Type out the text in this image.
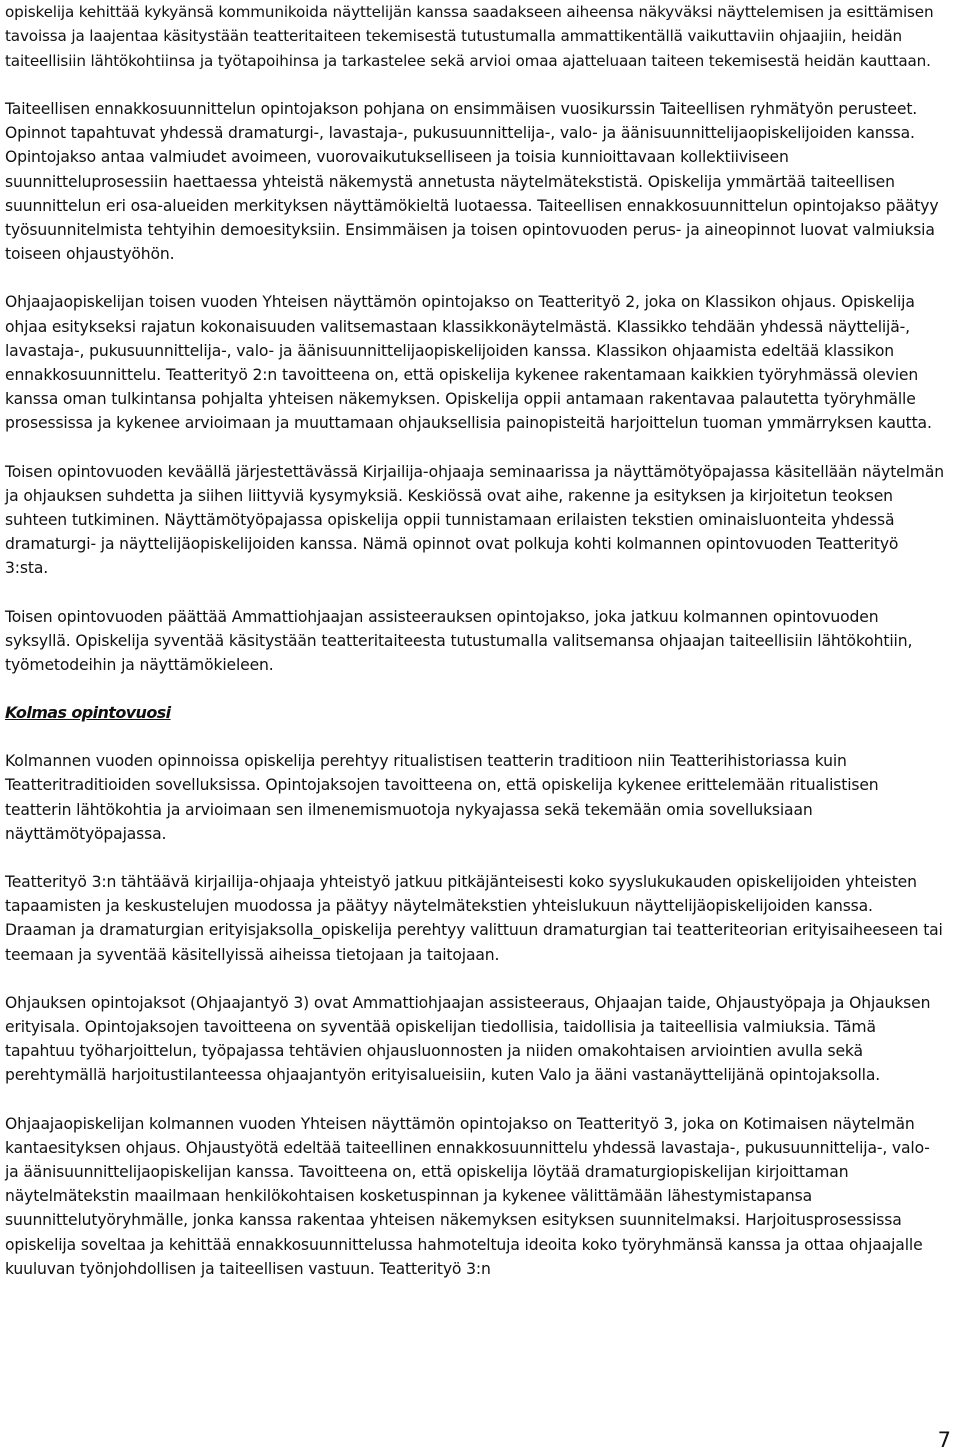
opiskelija kehittää kykyänsä kommunikoida näyttelijän kanssa saadakseen aiheensa näkyväksi näyttelemisen ja esittämisen tavoissa ja laajentaa käsitystään teatteritaiteen tekemisestä tutustumalla ammattikentällä vaikuttaviin ohjaajiin, heidän taiteellisiin lähtökohtiinsa ja työtapoihinsa ja tarkastelee sekä arvioi omaa ajatteluaan taiteen tekemisestä heidän kauttaan.

Taiteellisen ennakkosuunnittelun opintojakson pohjana on ensimmäisen vuosikurssin Taiteellisen ryhmätyön perusteet. Opinnot tapahtuvat yhdessä dramaturgi-, lavastaja-, pukusuunnittelija-, valo- ja äänisuunnittelijaopiskelijoiden kanssa. Opintojakso antaa valmiudet avoimeen, vuorovaikutukselliseen ja toisia kunnioittavaan kollektiiviseen suunnitteluprosessiin haettaessa yhteistä näkemystä annetusta näytelmätekstistä. Opiskelija ymmärtää taiteellisen suunnittelun eri osa-alueiden merkityksen näyttämökieltä luotaessa. Taiteellisen ennakkosuunnittelun opintojakso päätyy työsuunnitelmista tehtyihin demoesityksiin. Ensimmäisen ja toisen opintovuoden perus- ja aineopinnot luovat valmiuksia toiseen ohjaustyöhön.

Ohjaajaopiskelijan toisen vuoden Yhteisen näyttämön opintojakso on Teatterityö 2, joka on Klassikon ohjaus. Opiskelija ohjaa esitykseksi rajatun kokonaisuuden valitsemastaan klassikkonäytelmästä. Klassikko tehdään yhdessä näyttelijä-, lavastaja-, pukusuunnittelija-, valo- ja äänisuunnittelijaopiskelijoiden kanssa. Klassikon ohjaamista edeltää klassikon ennakkosuunnittelu. Teatterityö 2:n tavoitteena on, että opiskelija kykenee rakentamaan kaikkien työryhmässä olevien kanssa oman tulkintansa pohjalta yhteisen näkemyksen. Opiskelija oppii antamaan rakentavaa palautetta työryhmälle prosessissa ja kykenee arvioimaan ja muuttamaan ohjauksellisia painopisteitä harjoittelun tuoman ymmärryksen kautta.

Toisen opintovuoden keväällä järjestettävässä Kirjailija-ohjaaja seminaarissa ja näyttämötyöpajassa käsitellään näytelmän ja ohjauksen suhdetta ja siihen liittyviä kysymyksiä. Keskiössä ovat aihe, rakenne ja esityksen ja kirjoitetun teoksen suhteen tutkiminen. Näyttämötyöpajassa opiskelija oppii tunnistamaan erilaisten tekstien ominaisluonteita yhdessä dramaturgi- ja näyttelijäopiskelijoiden kanssa. Nämä opinnot ovat polkuja kohti kolmannen opintovuoden Teatterityö 3:sta.

Toisen opintovuoden päättää Ammattiohjaajan assisteerauksen opintojakso, joka jatkuu kolmannen opintovuoden syksyllä. Opiskelija syventää käsitystään teatteritaiteesta tutustumalla valitsemansa ohjaajan taiteellisiin lähtökohtiin, työmetodeihin ja näyttämökieleen.

Kolmas opintovuosi

Kolmannen vuoden opinnoissa opiskelija perehtyy ritualistisen teatterin traditioon niin Teatterihistoriassa kuin Teatteritraditioiden sovelluksissa. Opintojaksojen tavoitteena on, että opiskelija kykenee erittelemään ritualistisen teatterin lähtökohtia ja arvioimaan sen ilmenemismuotoja nykyajassa sekä tekemään omia sovelluksiaan näyttämötyöpajassa.

Teatterityö 3:n tähtäävä kirjailija-ohjaaja yhteistyö jatkuu pitkäjänteisesti koko syyslukukauden opiskelijoiden yhteisten tapaamisten ja keskustelujen muodossa ja päätyy näytelmätekstien yhteislukuun näyttelijäopiskelijoiden kanssa. Draaman ja dramaturgian erityisjaksolla_opiskelija perehtyy valittuun dramaturgian tai teatteriteorian erityisaiheeseen tai teemaan ja syventää käsitellyissä aiheissa tietojaan ja taitojaan.

Ohjauksen opintojaksot (Ohjaajantyö 3) ovat Ammattiohjaajan assisteeraus, Ohjaajan taide, Ohjaustyöpaja ja Ohjauksen erityisala. Opintojaksojen tavoitteena on syventää opiskelijan tiedollisia, taidollisia ja taiteellisia valmiuksia. Tämä tapahtuu työharjoittelun, työpajassa tehtävien ohjausluonnosten ja niiden omakohtaisen arviointien avulla sekä perehtymällä harjoitustilanteessa ohjaajantyön erityisalueisiin, kuten Valo ja ääni vastanäyttelijänä opintojaksolla.

Ohjaajaopiskelijan kolmannen vuoden Yhteisen näyttämön opintojakso on Teatterityö 3, joka on Kotimaisen näytelmän kantaesityksen ohjaus. Ohjaustyötä edeltää taiteellinen ennakkosuunnittelu yhdessä lavastaja-, pukusuunnittelija-, valo- ja äänisuunnittelijaopiskelijan kanssa. Tavoitteena on, että opiskelija löytää dramaturgiopiskelijan kirjoittaman näytelmätekstin maailmaan henkilökohtaisen kosketuspinnan ja kykenee välittämään lähestymistapansa suunnittelutyöryhmälle, jonka kanssa rakentaa yhteisen näkemyksen esityksen suunnitelmaksi. Harjoitusprosessissa opiskelija soveltaa ja kehittää ennakkosuunnittelussa hahmoteltuja ideoita koko työryhmänsä kanssa ja ottaa ohjaajalle kuuluvan työnjohdollisen ja taiteellisen vastuun. Teatterityö 3:n

7
